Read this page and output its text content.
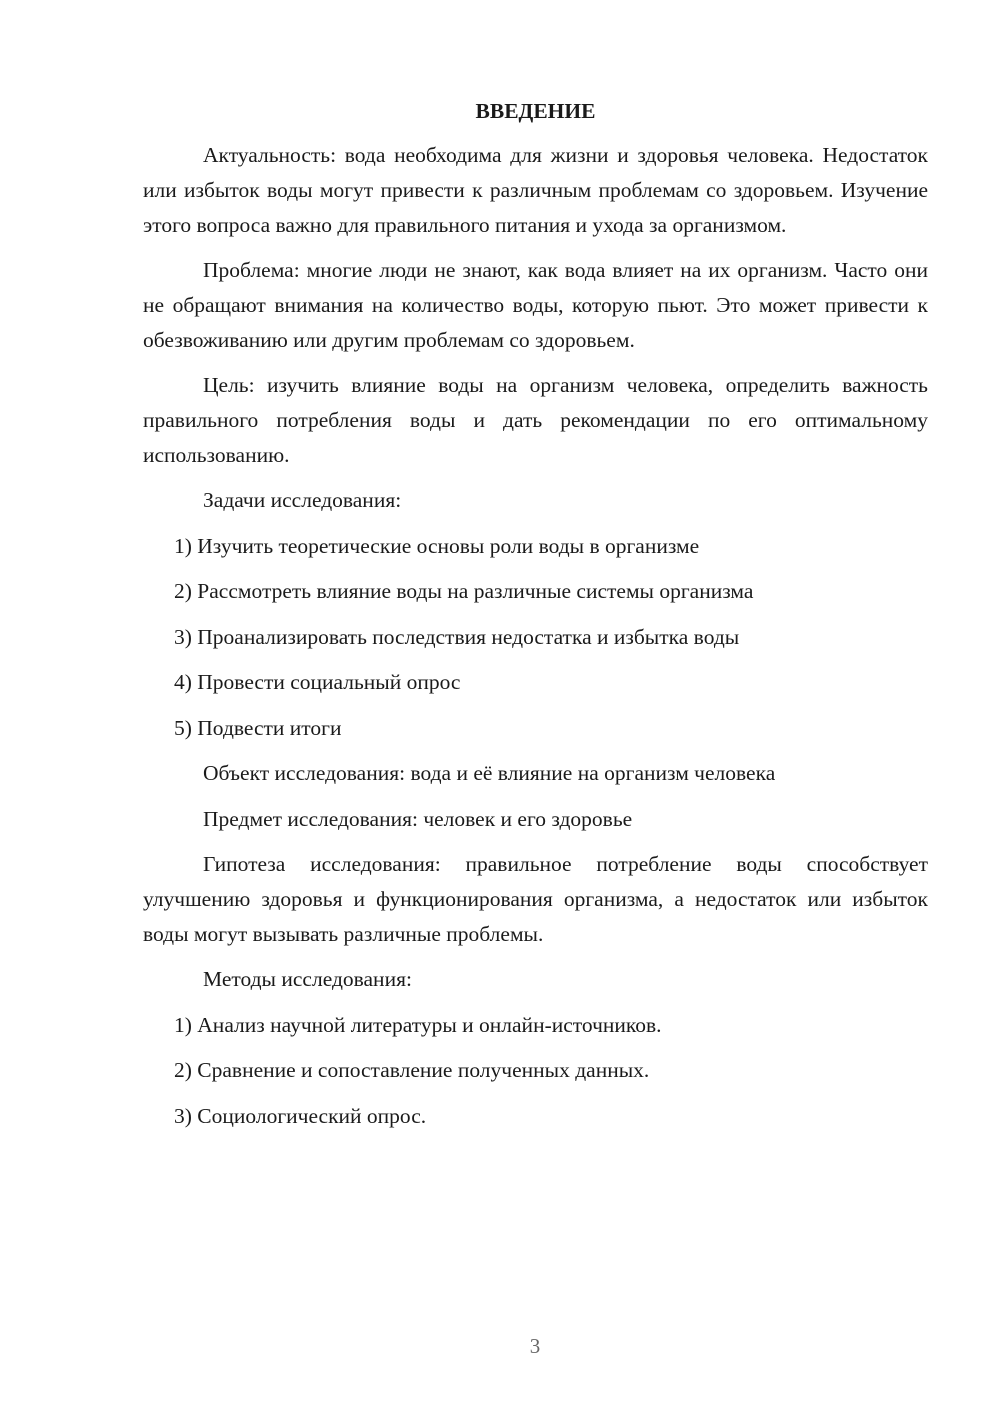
ВВЕДЕНИЕ

Актуальность: вода необходима для жизни и здоровья человека. Недостаток или избыток воды могут привести к различным проблемам со здоровьем. Изучение этого вопроса важно для правильного питания и ухода за организмом.

Проблема: многие люди не знают, как вода влияет на их организм. Часто они не обращают внимания на количество воды, которую пьют. Это может привести к обезвоживанию или другим проблемам со здоровьем.

Цель: изучить влияние воды на организм человека, определить важность правильного потребления воды и дать рекомендации по его оптимальному использованию.

Задачи исследования:
1) Изучить теоретические основы роли воды в организме
2) Рассмотреть влияние воды на различные системы организма
3) Проанализировать последствия недостатка и избытка воды
4) Провести социальный опрос
5) Подвести итоги
Объект исследования: вода и её влияние на организм человека
Предмет исследования: человек и его здоровье

Гипотеза исследования: правильное потребление воды способствует улучшению здоровья и функционирования организма, а недостаток или избыток воды могут вызывать различные проблемы.

Методы исследования:
1) Анализ научной литературы и онлайн-источников.
2) Сравнение и сопоставление полученных данных.
3) Социологический опрос.
3
